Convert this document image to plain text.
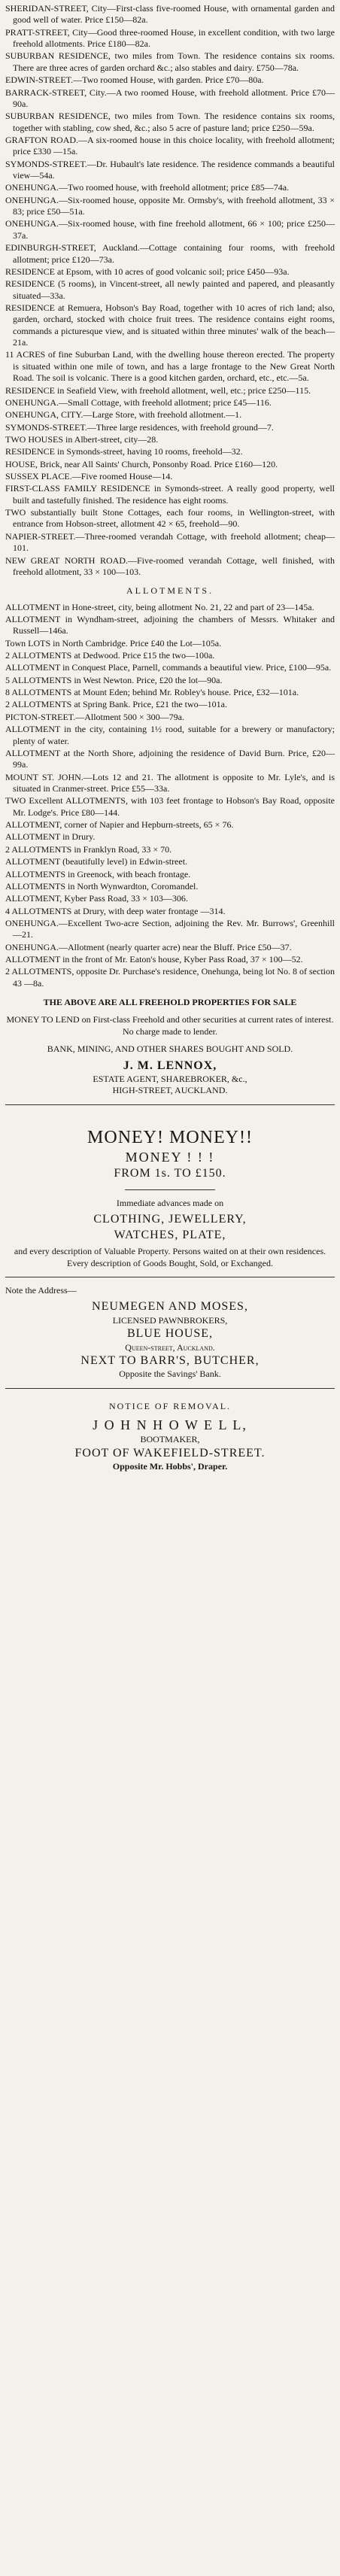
SHERIDAN-STREET, City—First-class five-roomed House, with ornamental garden and good well of water. Price £150—82a.
PRATT-STREET, City—Good three-roomed House, in excellent condition, with two large freehold allotments. Price £180—82a.
SUBURBAN RESIDENCE, two miles from Town. The residence contains six rooms. There are three acres of garden orchard &c.; also stables and dairy. £750—78a.
EDWIN-STREET.—Two roomed House, with garden. Price £70—80a.
BARRACK-STREET, City.—A two roomed House, with freehold allotment. Price £70—90a.
SUBURBAN RESIDENCE, two miles from Town. The residence contains six rooms, together with stabling, cow shed, &c.; also 5 acre of pasture land; price £250—59a.
GRAFTON ROAD.—A six-roomed house in this choice locality, with freehold allotment; price £330 —15a.
SYMONDS-STREET.—Dr. Hubault's late residence. The residence commands a beautiful view—54a.
ONEHUNGA.—Two roomed house, with freehold allotment; price £85—74a.
ONEHUNGA.—Six-roomed house, opposite Mr. Ormsby's, with freehold allotment, 33 × 83; price £50—51a.
ONEHUNGA.—Six-roomed house, with fine freehold allotment, 66 × 100; price £250—37a.
EDINBURGH-STREET, Auckland.—Cottage containing four rooms, with freehold allotment; price £120—73a.
RESIDENCE at Epsom, with 10 acres of good volcanic soil; price £450—93a.
RESIDENCE (5 rooms), in Vincent-street, all newly painted and papered, and pleasantly situated—33a.
RESIDENCE at Remuera, Hobson's Bay Road, together with 10 acres of rich land; also, garden, orchard, stocked with choice fruit trees. The residence contains eight rooms, commands a picturesque view, and is situated within three minutes' walk of the beach—21a.
11 ACRES of fine Suburban Land, with the dwelling house thereon erected. The property is situated within one mile of town, and has a large frontage to the New Great North Road. The soil is volcanic. There is a good kitchen garden, orchard, etc., etc.—5a.
RESIDENCE in Seafield View, with freehold allotment, well, etc.; price £250—115.
ONEHUNGA.—Small Cottage, with freehold allotment; price £45—116.
ONEHUNGA, CITY.—Large Store, with freehold allotment.—1.
SYMONDS-STREET.—Three large residences, with freehold ground—7.
TWO HOUSES in Albert-street, city—28.
RESIDENCE in Symonds-street, having 10 rooms, freehold—32.
HOUSE, Brick, near All Saints' Church, Ponsonby Road. Price £160—120.
SUSSEX PLACE.—Five roomed House—14.
FIRST-CLASS FAMILY RESIDENCE in Symonds-street. A really good property, well built and tastefully finished. The residence has eight rooms.
TWO substantially built Stone Cottages, each four rooms, in Wellington-street, with entrance from Hobson-street, allotment 42 × 65, freehold—90.
NAPIER-STREET.—Three-roomed verandah Cottage, with freehold allotment; cheap—101.
NEW GREAT NORTH ROAD.—Five-roomed verandah Cottage, well finished, with freehold allotment, 33 × 100—103.
ALLOTMENTS.
ALLOTMENT in Hone-street, city, being allotment No. 21, 22 and part of 23—145a.
ALLOTMENT in Wyndham-street, adjoining the chambers of Messrs. Whitaker and Russell—146a.
Town LOTS in North Cambridge. Price £40 the Lot—105a.
2 ALLOTMENTS at Dedwood. Price £15 the two—100a.
ALLOTMENT in Conquest Place, Parnell, commands a beautiful view. Price, £100—95a.
5 ALLOTMENTS in West Newton. Price, £20 the lot—90a.
8 ALLOTMENTS at Mount Eden; behind Mr. Robley's house. Price, £32—101a.
2 ALLOTMENTS at Spring Bank. Price, £21 the two—101a.
PICTON-STREET.—Allotment 500 × 300—79a.
ALLOTMENT in the city, containing 1½ rood, suitable for a brewery or manufactory; plenty of water.
ALLOTMENT at the North Shore, adjoining the residence of David Burn. Price, £20—99a.
MOUNT ST. JOHN.—Lots 12 and 21. The allotment is opposite to Mr. Lyle's, and is situated in Cranmer-street. Price £55—33a.
TWO Excellent ALLOTMENTS, with 103 feet frontage to Hobson's Bay Road, opposite Mr. Lodge's. Price £80—144.
ALLOTMENT, corner of Napier and Hepburn-streets, 65 × 76.
ALLOTMENT in Drury.
2 ALLOTMENTS in Franklyn Road, 33 × 70.
ALLOTMENT (beautifully level) in Edwin-street.
ALLOTMENTS in Greenock, with beach frontage.
ALLOTMENTS in North Wynwardton, Coromandel.
ALLOTMENT, Kyber Pass Road, 33 × 103—306.
4 ALLOTMENTS at Drury, with deep water frontage —314.
ONEHUNGA.—Excellent Two-acre Section, adjoining the Rev. Mr. Burrows', Greenhill—21.
ONEHUNGA.—Allotment (nearly quarter acre) near the Bluff. Price £50—37.
ALLOTMENT in the front of Mr. Eaton's house, Kyber Pass Road, 37 × 100—52.
2 ALLOTMENTS, opposite Dr. Purchase's residence, Onehunga, being lot No. 8 of section 43 —8a.
THE ABOVE ARE ALL FREEHOLD PROPERTIES FOR SALE
MONEY TO LEND on First-class Freehold and other securities at current rates of interest. No charge made to lender.
BANK, MINING, AND OTHER SHARES BOUGHT AND SOLD.
J. M. LENNOX,
ESTATE AGENT, SHAREBROKER, &c.,
HIGH-STREET, AUCKLAND.
MONEY! MONEY!!
MONEY ! ! !
FROM 1s. TO £150.
Immediate advances made on
CLOTHING, JEWELLERY,
WATCHES, PLATE,
and every description of Valuable Property. Persons waited on at their own residences. Every description of Goods Bought, Sold, or Exchanged.
Note the Address—
NEUMEGEN AND MOSES,
LICENSED PAWNBROKERS,
BLUE HOUSE,
Queen-street, Auckland.
NEXT TO BARR'S, BUTCHER,
Opposite the Savings' Bank.
NOTICE OF REMOVAL.
J O H N H O W E L L,
BOOTMAKER,
FOOT OF WAKEFIELD-STREET.
Opposite Mr. Hobbs', Draper.
